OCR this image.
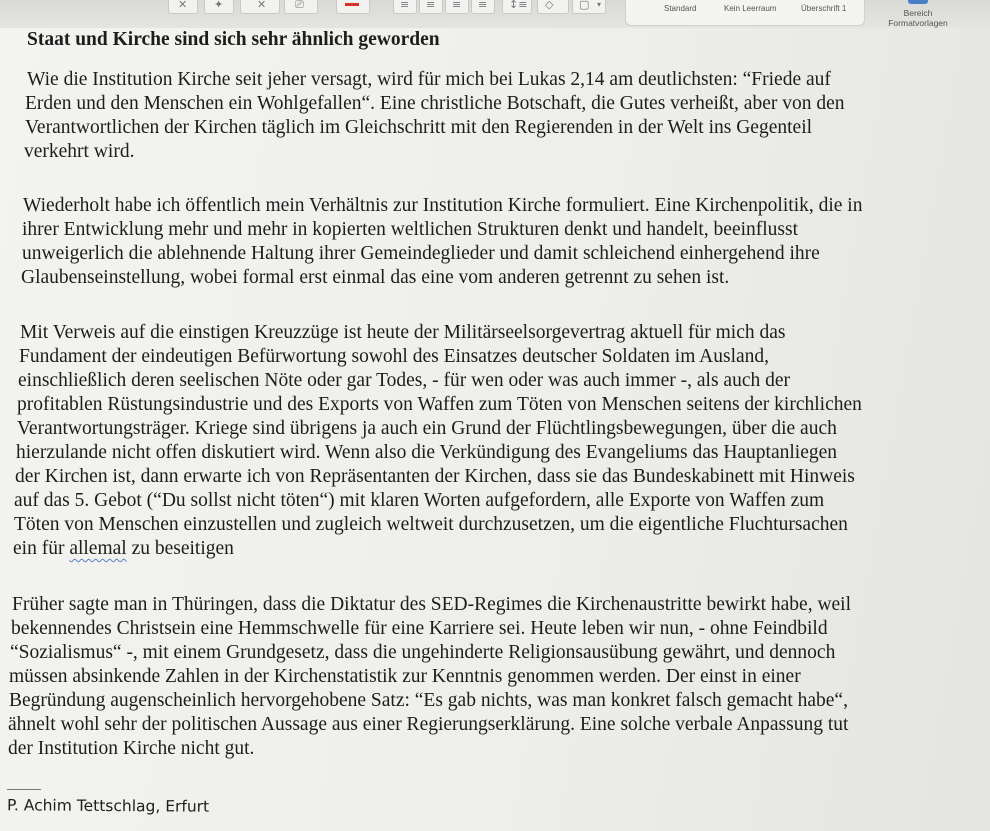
✕ ✦	✕	⎚	≡ ≡ ≡ ≡ ↕≡ ◇ ▢ ▾	Standard	Kein Leerraum	Überschrift 1	Bereich
Formatvorlagen
Staat und Kirche sind sich sehr ähnlich geworden
Wie die Institution Kirche seit jeher versagt, wird für mich bei Lukas 2,14 am deutlichsten: “Friede auf
Erden und den Menschen ein Wohlgefallen“. Eine christliche Botschaft, die Gutes verheißt, aber von den
Verantwortlichen der Kirchen täglich im Gleichschritt mit den Regierenden in der Welt ins Gegenteil
verkehrt wird.
Wiederholt habe ich öffentlich mein Verhältnis zur Institution Kirche formuliert. Eine Kirchenpolitik, die in
ihrer Entwicklung mehr und mehr in kopierten weltlichen Strukturen denkt und handelt, beeinflusst
unweigerlich die ablehnende Haltung ihrer Gemeindeglieder und damit schleichend einhergehend ihre
Glaubenseinstellung, wobei formal erst einmal das eine vom anderen getrennt zu sehen ist.
Mit Verweis auf die einstigen Kreuzzüge ist heute der Militärseelsorgevertrag aktuell für mich das
Fundament der eindeutigen Befürwortung sowohl des Einsatzes deutscher Soldaten im Ausland,
einschließlich deren seelischen Nöte oder gar Todes, - für wen oder was auch immer -, als auch der
profitablen Rüstungsindustrie und des Exports von Waffen zum Töten von Menschen seitens der kirchlichen
Verantwortungsträger. Kriege sind übrigens ja auch ein Grund der Flüchtlingsbewegungen, über die auch
hierzulande nicht offen diskutiert wird. Wenn also die Verkündigung des Evangeliums das Hauptanliegen
der Kirchen ist, dann erwarte ich von Repräsentanten der Kirchen, dass sie das Bundeskabinett mit Hinweis
auf das 5. Gebot (“Du sollst nicht töten“) mit klaren Worten aufgefordern, alle Exporte von Waffen zum
Töten von Menschen einzustellen und zugleich weltweit durchzusetzen, um die eigentliche Fluchtursachen
ein für allemal zu beseitigen
Früher sagte man in Thüringen, dass die Diktatur des SED-Regimes die Kirchenaustritte bewirkt habe, weil
bekennendes Christsein eine Hemmschwelle für eine Karriere sei. Heute leben wir nun, - ohne Feindbild
“Sozialismus“ -, mit einem Grundgesetz, dass die ungehinderte Religionsausübung gewährt, und dennoch
müssen absinkende Zahlen in der Kirchenstatistik zur Kenntnis genommen werden. Der einst in einer
Begründung augenscheinlich hervorgehobene Satz: “Es gab nichts, was man konkret falsch gemacht habe“,
ähnelt wohl sehr der politischen Aussage aus einer Regierungserklärung. Eine solche verbale Anpassung tut
der Institution Kirche nicht gut.
P. Achim Tettschlag, Erfurt
